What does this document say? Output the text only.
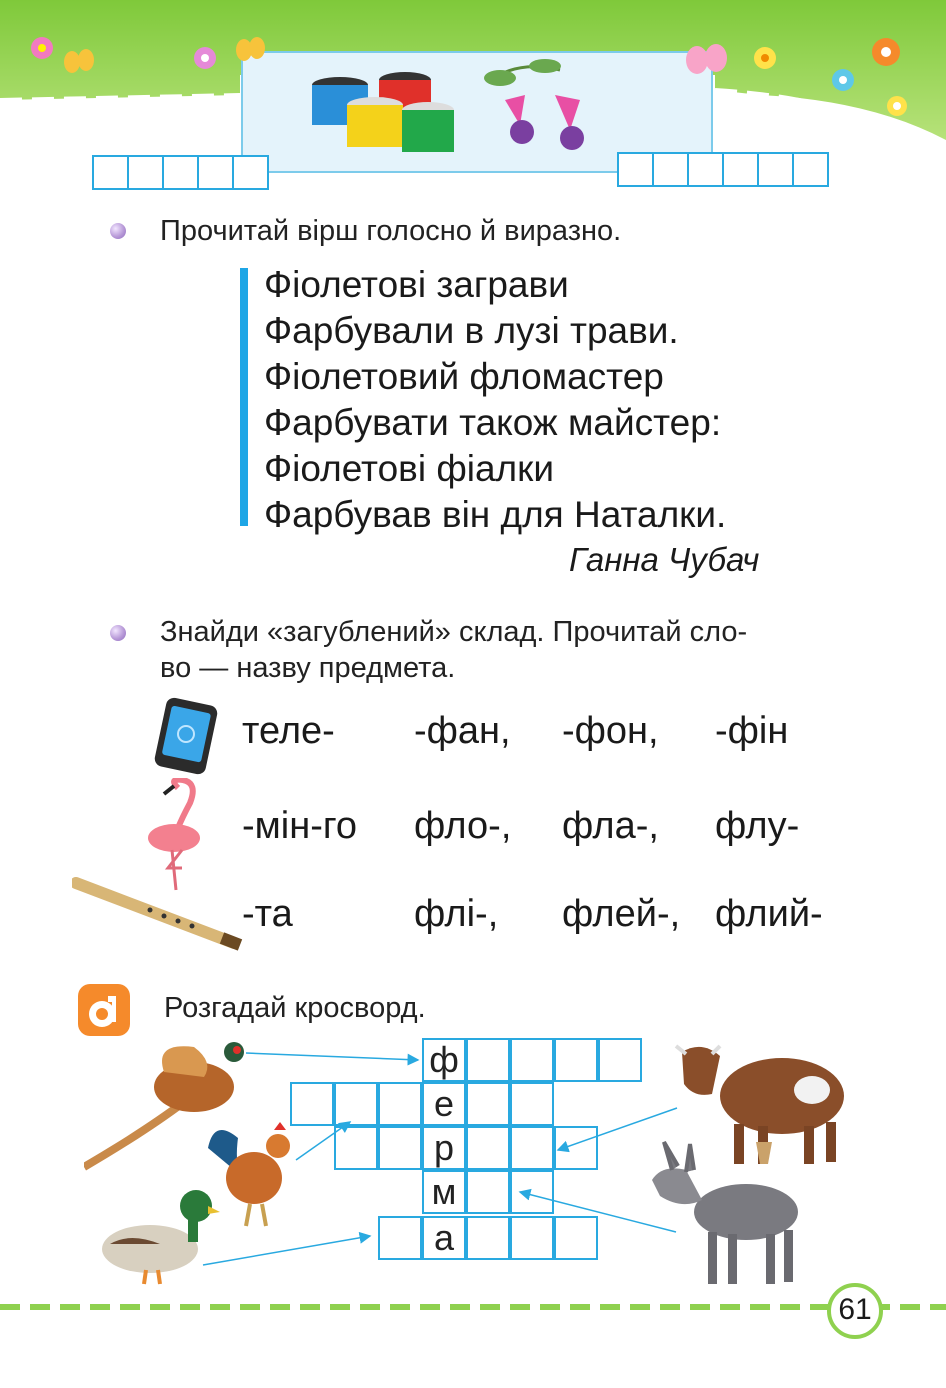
Прочитай вірш голосно й виразно.
Фіолетові заграви
Фарбували в лузі трави.
Фіолетовий фломастер
Фарбувати також майстер:
Фіолетові фіалки
Фарбував він для Наталки.
Ганна Чубач
Знайди «загублений» склад. Прочитай сло-
во — назву предмета.
теле- -фан, -фон, -фін
-мін-го фло-, фла-, флу-
-та	флі-, флей-, флий-
Розгадай кросворд.
ф
е
р
м
а
61
